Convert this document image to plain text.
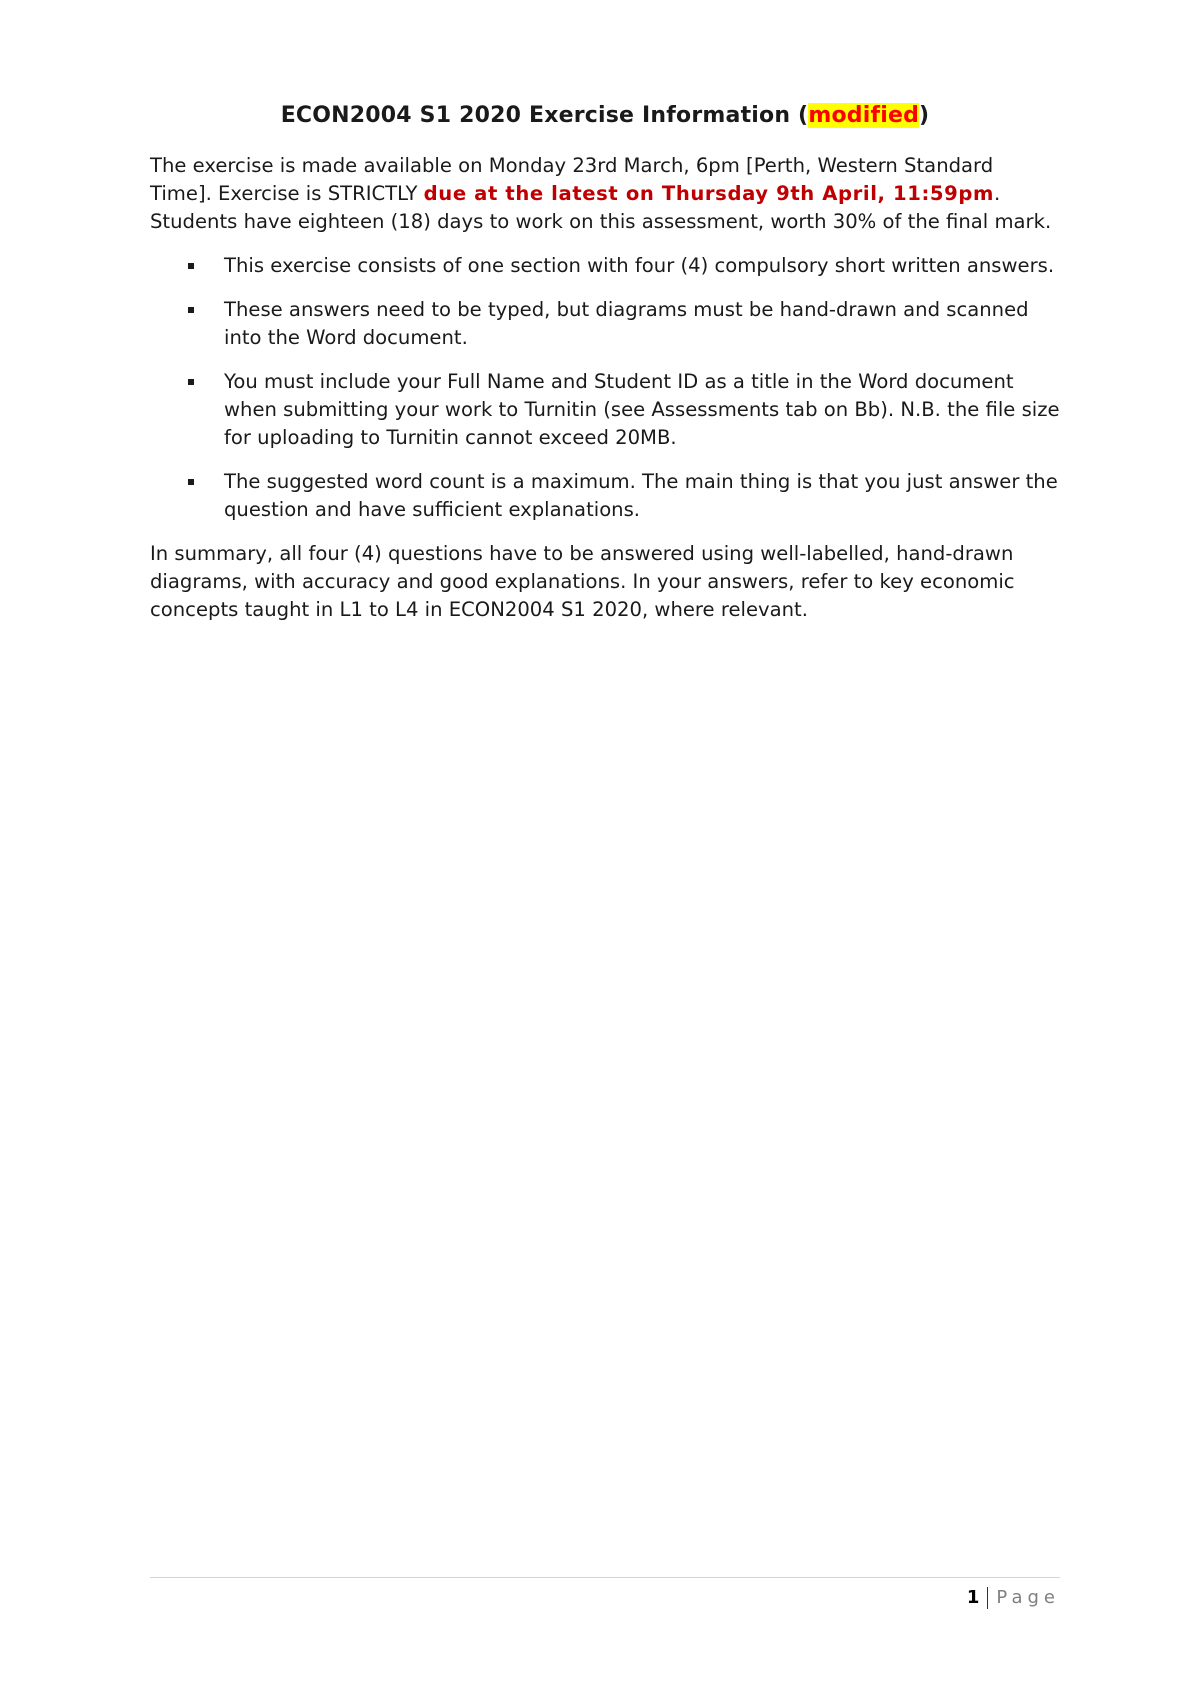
ECON2004 S1 2020 Exercise Information (modified)

The exercise is made available on Monday 23rd March, 6pm [Perth, Western Standard Time]. Exercise is STRICTLY due at the latest on Thursday 9th April, 11:59pm. Students have eighteen (18) days to work on this assessment, worth 30% of the final mark.

This exercise consists of one section with four (4) compulsory short written answers.
These answers need to be typed, but diagrams must be hand-drawn and scanned into the Word document.
You must include your Full Name and Student ID as a title in the Word document when submitting your work to Turnitin (see Assessments tab on Bb). N.B. the file size for uploading to Turnitin cannot exceed 20MB.
The suggested word count is a maximum. The main thing is that you just answer the question and have sufficient explanations.

In summary, all four (4) questions have to be answered using well-labelled, hand-drawn diagrams, with accuracy and good explanations. In your answers, refer to key economic concepts taught in L1 to L4 in ECON2004 S1 2020, where relevant.

1 Page
